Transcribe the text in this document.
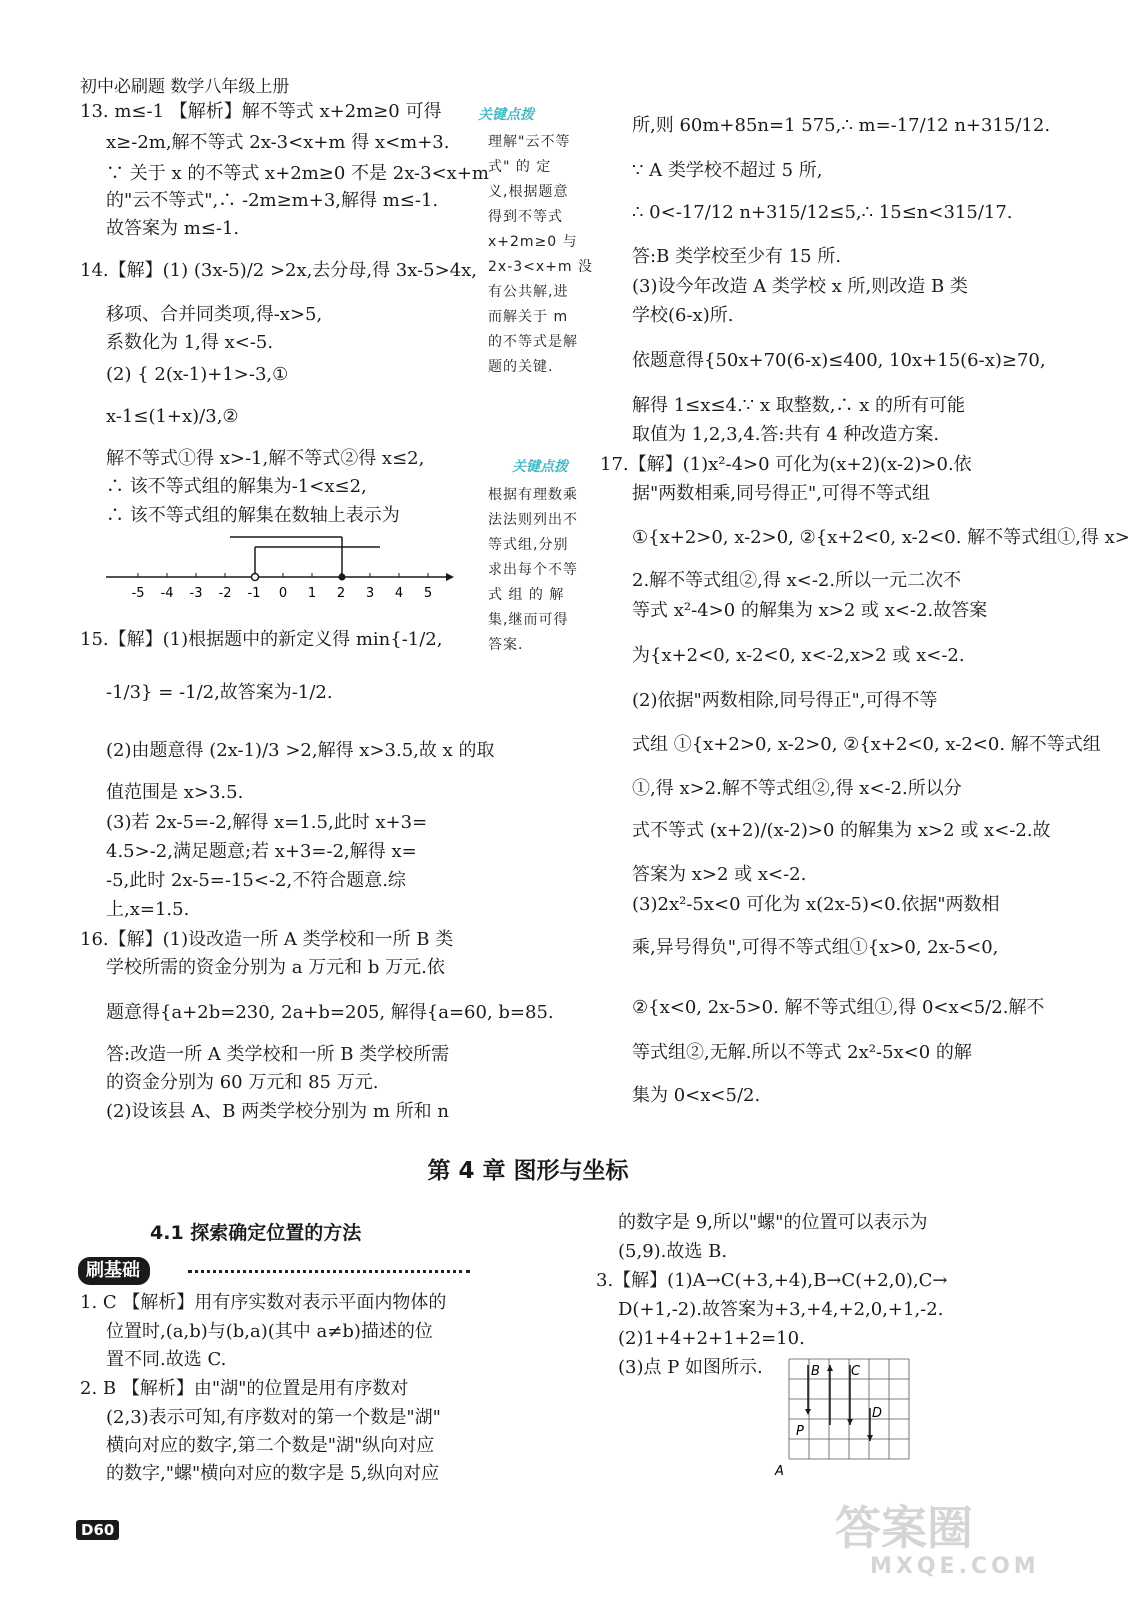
初中必刷题 数学八年级上册
13. m≤-1 【解析】解不等式 x+2m≥0 可得
x≥-2m,解不等式 2x-3<x+m 得 x<m+3.
∵ 关于 x 的不等式 x+2m≥0 不是 2x-3<x+m
的"云不等式",∴ -2m≥m+3,解得 m≤-1.
故答案为 m≤-1.
14.【解】(1) (3x-5)/2 >2x,去分母,得 3x-5>4x,
移项、合并同类项,得-x>5,
系数化为 1,得 x<-5.
(2) { 2(x-1)+1>-3,①
x-1≤(1+x)/3,②
解不等式①得 x>-1,解不等式②得 x≤2,
∴ 该不等式组的解集为-1<x≤2,
∴ 该不等式组的解集在数轴上表示为
-5 -4 -3 -2 -1 0 1 2 3 4 5
15.【解】(1)根据题中的新定义得 min{-1/2,
-1/3} = -1/2,故答案为-1/2.
(2)由题意得 (2x-1)/3 >2,解得 x>3.5,故 x 的取
值范围是 x>3.5.
(3)若 2x-5=-2,解得 x=1.5,此时 x+3=
4.5>-2,满足题意;若 x+3=-2,解得 x=
-5,此时 2x-5=-15<-2,不符合题意.综
上,x=1.5.
16.【解】(1)设改造一所 A 类学校和一所 B 类
学校所需的资金分别为 a 万元和 b 万元.依
题意得{a+2b=230, 2a+b=205, 解得{a=60, b=85.
答:改造一所 A 类学校和一所 B 类学校所需
的资金分别为 60 万元和 85 万元.
(2)设该县 A、B 两类学校分别为 m 所和 n
关键点拨
理解"云不等
式" 的 定
义,根据题意
得到不等式
x+2m≥0 与
2x-3<x+m 没
有公共解,进
而解关于 m
的不等式是解
题的关键.
关键点拨
根据有理数乘
法法则列出不
等式组,分别
求出每个不等
式 组 的 解
集,继而可得
答案.
所,则 60m+85n=1 575,∴ m=-17/12 n+315/12.
∵ A 类学校不超过 5 所,
∴ 0<-17/12 n+315/12≤5,∴ 15≤n<315/17.
答:B 类学校至少有 15 所.
(3)设今年改造 A 类学校 x 所,则改造 B 类
学校(6-x)所.
依题意得{50x+70(6-x)≤400, 10x+15(6-x)≥70,
解得 1≤x≤4.∵ x 取整数,∴ x 的所有可能
取值为 1,2,3,4.答:共有 4 种改造方案.
17.【解】(1)x²-4>0 可化为(x+2)(x-2)>0.依
据"两数相乘,同号得正",可得不等式组
①{x+2>0, x-2>0, ②{x+2<0, x-2<0. 解不等式组①,得 x>
2.解不等式组②,得 x<-2.所以一元二次不
等式 x²-4>0 的解集为 x>2 或 x<-2.故答案
为{x+2<0, x-2<0, x<-2,x>2 或 x<-2.
(2)依据"两数相除,同号得正",可得不等
式组 ①{x+2>0, x-2>0, ②{x+2<0, x-2<0. 解不等式组
①,得 x>2.解不等式组②,得 x<-2.所以分
式不等式 (x+2)/(x-2)>0 的解集为 x>2 或 x<-2.故
答案为 x>2 或 x<-2.
(3)2x²-5x<0 可化为 x(2x-5)<0.依据"两数相
乘,异号得负",可得不等式组①{x>0, 2x-5<0,
②{x<0, 2x-5>0. 解不等式组①,得 0<x<5/2.解不
等式组②,无解.所以不等式 2x²-5x<0 的解
集为 0<x<5/2.
第 4 章 图形与坐标
4.1 探索确定位置的方法
刷基础
1. C 【解析】用有序实数对表示平面内物体的
位置时,(a,b)与(b,a)(其中 a≠b)描述的位
置不同.故选 C.
2. B 【解析】由"湖"的位置是用有序数对
(2,3)表示可知,有序数对的第一个数是"湖"
横向对应的数字,第二个数是"湖"纵向对应
的数字,"螺"横向对应的数字是 5,纵向对应
的数字是 9,所以"螺"的位置可以表示为
(5,9).故选 B.
3.【解】(1)A→C(+3,+4),B→C(+2,0),C→
D(+1,-2).故答案为+3,+4,+2,0,+1,-2.
(2)1+4+2+1+2=10.
(3)点 P 如图所示.	B C
D
P
A
D60	答案圈
MXQE.COM
